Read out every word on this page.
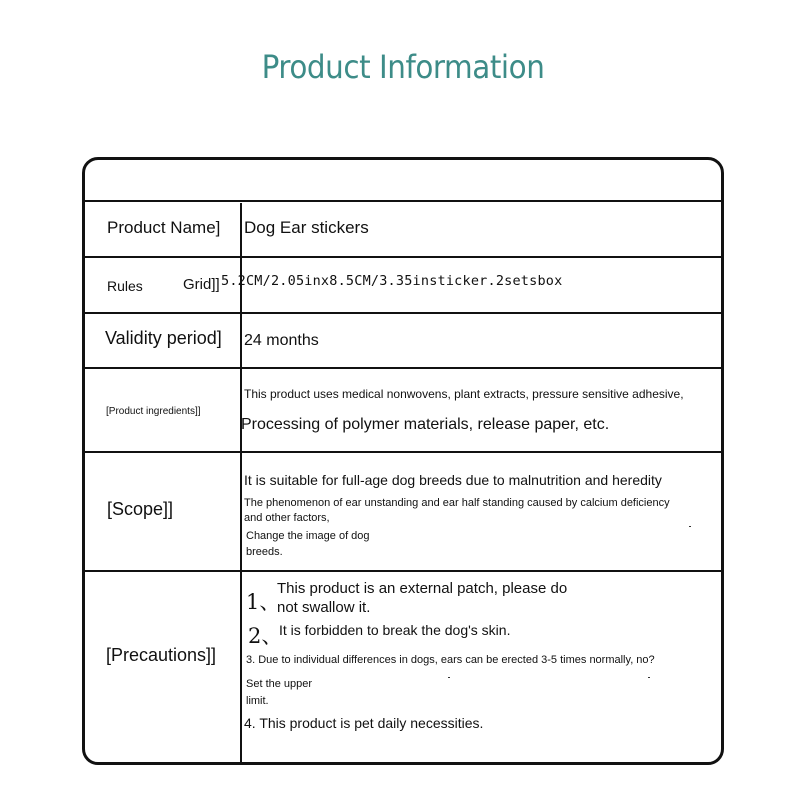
Product Information
Product Name] Dog Ear stickers
Rules	Grid]] 5.2CM/2.05inx8.5CM/3.35insticker.2setsbox
Validity period] 24 months
[Product ingredients]]
This product uses medical nonwovens, plant extracts, pressure sensitive adhesive,
Processing of polymer materials, release paper, etc.
[Scope]]
It is suitable for full-age dog breeds due to malnutrition and heredity
The phenomenon of ear unstanding and ear half standing caused by calcium deficiency
and other factors,
Change the image of dog
breeds.
[Precautions]]
1、
This product is an external patch, please do
not swallow it.
2、
It is forbidden to break the dog's skin.
3. Due to individual differences in dogs, ears can be erected 3-5 times normally, no?
Set the upper
limit.
4. This product is pet daily necessities.
